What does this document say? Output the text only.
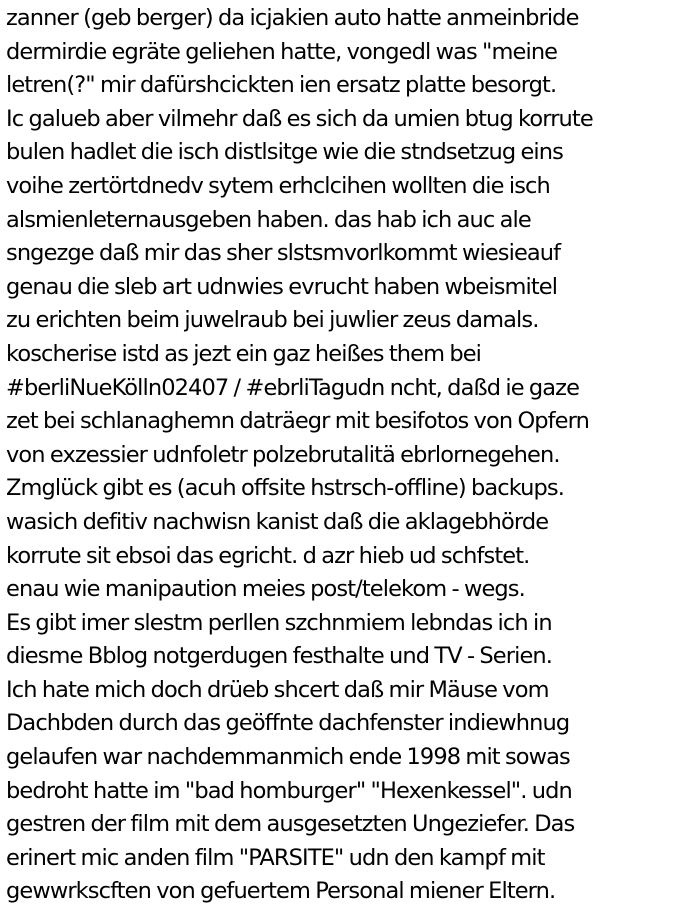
zanner (geb berger) da icjakien auto hatte anmeinbride
dermirdie egräte geliehen hatte, vongedl was "meine
letren(?" mir dafürshcickten ien ersatz platte besorgt.
Ic galueb aber vilmehr daß es sich da umien btug korrute
bulen hadlet die isch distlsitge wie die stndsetzug eins
voihe zertörtdnedv sytem erhclcihen wollten die isch
alsmienleternausgeben haben. das hab ich auc ale
sngezge daß mir das sher slstsmvorlkommt wiesieauf
genau die sleb art udnwies evrucht haben wbeismitel
zu erichten beim juwelraub bei juwlier zeus damals.
koscherise istd as jezt ein gaz heißes them bei
#berliNueKölln02407 / #ebrliTagudn ncht, daßd ie gaze
zet bei schlanaghemn daträegr mit besifotos von Opfern
von exzessier udnfoletr polzebrutalitä ebrlornegehen.
Zmglück gibt es (acuh offsite hstrsch-offline) backups.
wasich defitiv nachwisn kanist daß die aklagebhörde
korrute sit ebsoi das egricht. d azr hieb ud schfstet.
enau wie manipaution meies post/telekom - wegs.
Es gibt imer slestm perllen szchnmiem lebndas ich in
diesme Bblog notgerdugen festhalte und TV - Serien.
Ich hate mich doch drüeb shcert daß mir Mäuse vom
Dachbden durch das geöffnte dachfenster indiewhnug
gelaufen war nachdemmanmich ende 1998 mit sowas
bedroht hatte im "bad homburger" "Hexenkessel". udn
gestren der film mit dem ausgesetzten Ungeziefer. Das
erinert mic anden film "PARSITE" udn den kampf mit
gewwrkscften von gefuertem Personal miener Eltern.
